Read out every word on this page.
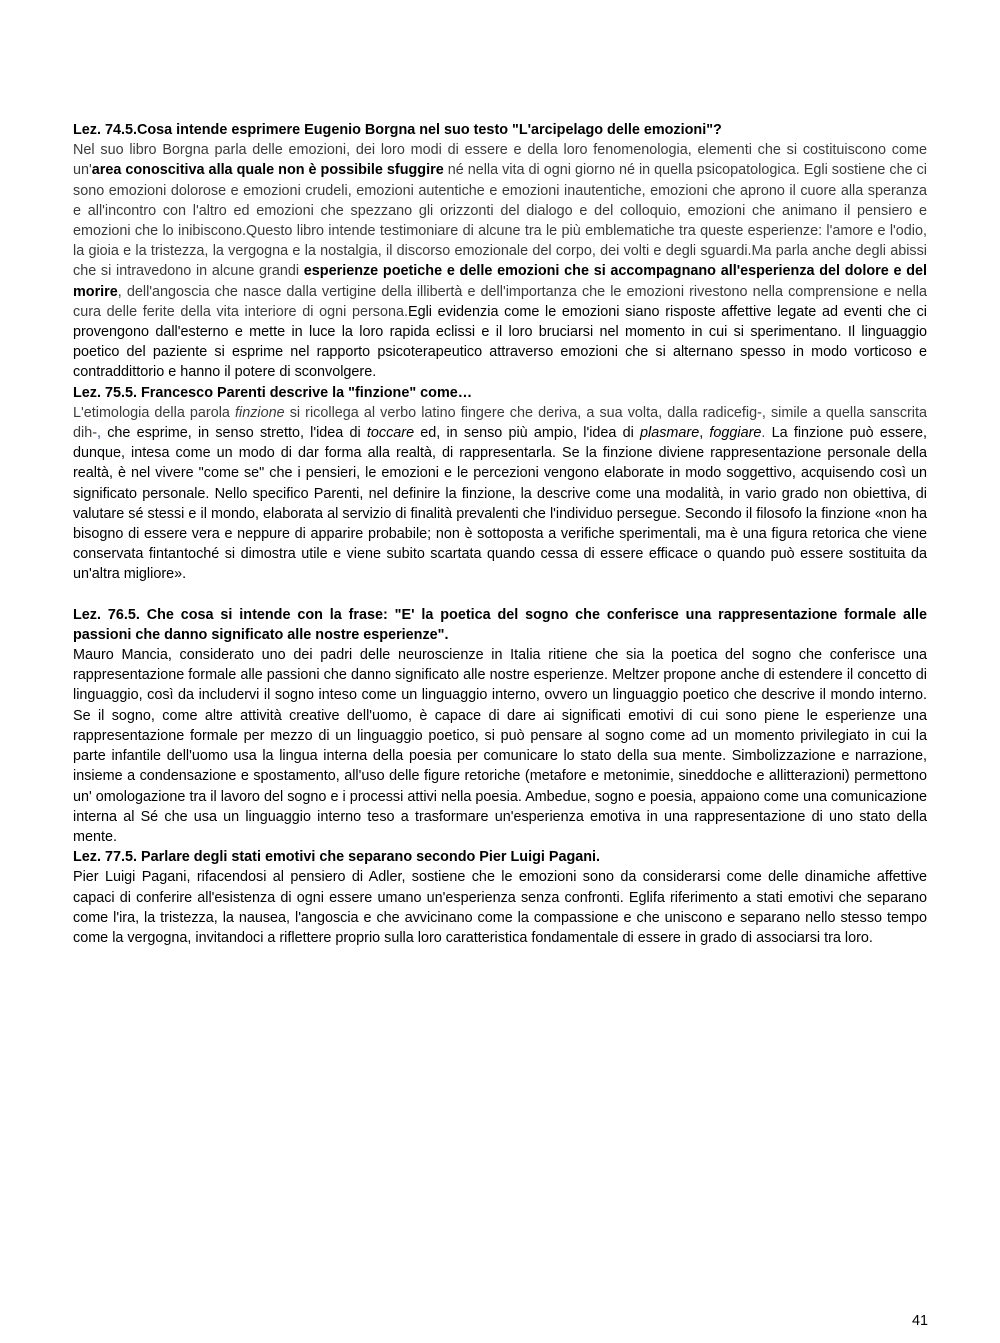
Lez. 74.5.Cosa intende esprimere Eugenio Borgna nel suo testo "L'arcipelago delle emozioni"?

Nel suo libro Borgna parla delle emozioni, dei loro modi di essere e della loro fenomenologia, elementi che si costituiscono come un'area conoscitiva alla quale non è possibile sfuggire né nella vita di ogni giorno né in quella psicopatologica. Egli sostiene che ci sono emozioni dolorose e emozioni crudeli, emozioni autentiche e emozioni inautentiche, emozioni che aprono il cuore alla speranza e all'incontro con l'altro ed emozioni che spezzano gli orizzonti del dialogo e del colloquio, emozioni che animano il pensiero e emozioni che lo inibiscono.Questo libro intende testimoniare di alcune tra le più emblematiche tra queste esperienze: l'amore e l'odio, la gioia e la tristezza, la vergogna e la nostalgia, il discorso emozionale del corpo, dei volti e degli sguardi.Ma parla anche degli abissi che si intravedono in alcune grandi esperienze poetiche e delle emozioni che si accompagnano all'esperienza del dolore e del morire, dell'angoscia che nasce dalla vertigine della illibertà e dell'importanza che le emozioni rivestono nella comprensione e nella cura delle ferite della vita interiore di ogni persona.Egli evidenzia come le emozioni siano risposte affettive legate ad eventi che ci provengono dall'esterno e mette in luce la loro rapida eclissi e il loro bruciarsi nel momento in cui si sperimentano. Il linguaggio poetico del paziente si esprime nel rapporto psicoterapeutico attraverso emozioni che si alternano spesso in modo vorticoso e contraddittorio e hanno il potere di sconvolgere.

Lez. 75.5. Francesco Parenti descrive la "finzione" come…

L'etimologia della parola finzione si ricollega al verbo latino fingere che deriva, a sua volta, dalla radicefig-, simile a quella sanscrita dih-, che esprime, in senso stretto, l'idea di toccare ed, in senso più ampio, l'idea di plasmare, foggiare. La finzione può essere, dunque, intesa come un modo di dar forma alla realtà, di rappresentarla. Se la finzione diviene rappresentazione personale della realtà, è nel vivere "come se" che i pensieri, le emozioni e le percezioni vengono elaborate in modo soggettivo, acquisendo così un significato personale. Nello specifico Parenti, nel definire la finzione, la descrive come una modalità, in vario grado non obiettiva, di valutare sé stessi e il mondo, elaborata al servizio di finalità prevalenti che l'individuo persegue. Secondo il filosofo la finzione «non ha bisogno di essere vera e neppure di apparire probabile; non è sottoposta a verifiche sperimentali, ma è una figura retorica che viene conservata fintantoché si dimostra utile e viene subito scartata quando cessa di essere efficace o quando può essere sostituita da un'altra migliore».

Lez. 76.5. Che cosa si intende con la frase: "E' la poetica del sogno che conferisce una rappresentazione formale alle passioni che danno significato alle nostre esperienze".

Mauro Mancia, considerato uno dei padri delle neuroscienze in Italia ritiene che sia la poetica del sogno che conferisce una rappresentazione formale alle passioni che danno significato alle nostre esperienze. Meltzer propone anche di estendere il concetto di linguaggio, così da includervi il sogno inteso come un linguaggio interno, ovvero un linguaggio poetico che descrive il mondo interno. Se il sogno, come altre attività creative dell'uomo, è capace di dare ai significati emotivi di cui sono piene le esperienze una rappresentazione formale per mezzo di un linguaggio poetico, si può pensare al sogno come ad un momento privilegiato in cui la parte infantile dell'uomo usa la lingua interna della poesia per comunicare lo stato della sua mente. Simbolizzazione e narrazione, insieme a condensazione e spostamento, all'uso delle figure retoriche (metafore e metonimie, sineddoche e allitterazioni) permettono un' omologazione tra il lavoro del sogno e i processi attivi nella poesia. Ambedue, sogno e poesia, appaiono come una comunicazione interna al Sé che usa un linguaggio interno teso a trasformare un'esperienza emotiva in una rappresentazione di uno stato della mente.

Lez. 77.5. Parlare degli stati emotivi che separano secondo Pier Luigi Pagani.

Pier Luigi Pagani, rifacendosi al pensiero di Adler, sostiene che le emozioni sono da considerarsi come delle dinamiche affettive capaci di conferire all'esistenza di ogni essere umano un'esperienza senza confronti. Eglifa riferimento a stati emotivi che separano come l'ira, la tristezza, la nausea, l'angoscia e che avvicinano come la compassione e che uniscono e separano nello stesso tempo come la vergogna, invitandoci a riflettere proprio sulla loro caratteristica fondamentale di essere in grado di associarsi tra loro.

41
